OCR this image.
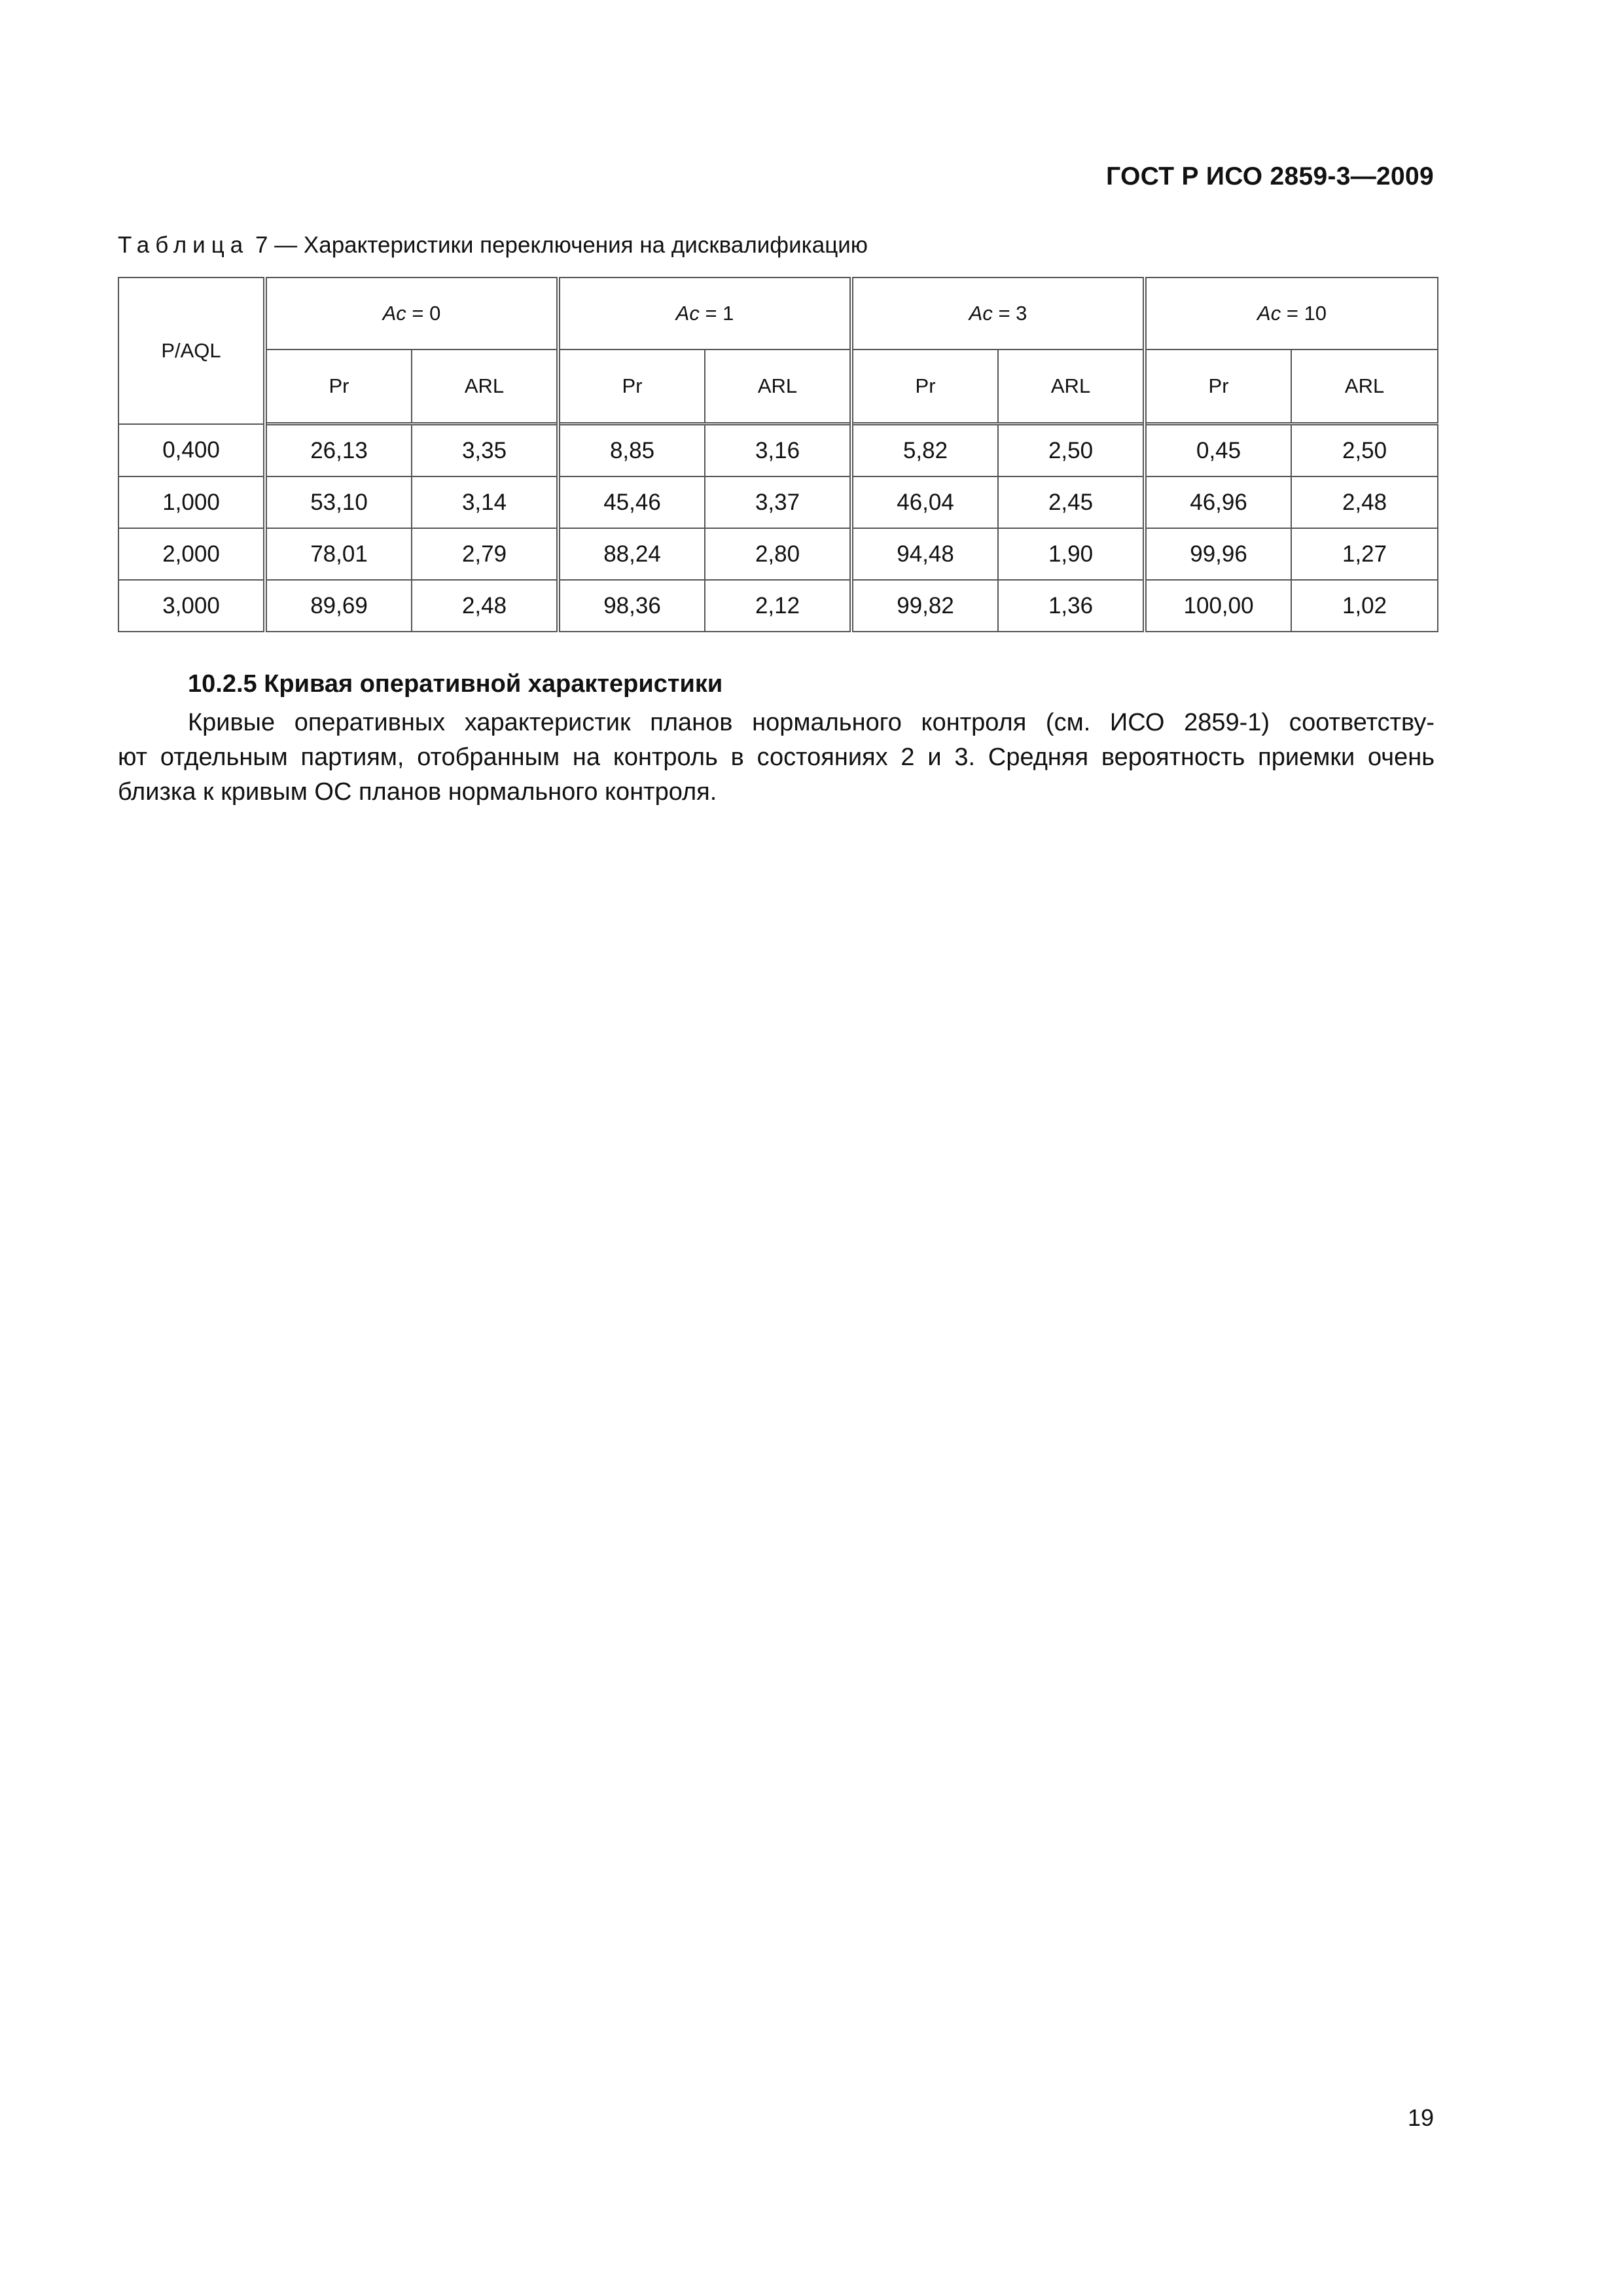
ГОСТ Р ИСО 2859-3—2009
Таблица 7 — Характеристики переключения на дисквалификацию
P/AQL	Ac = 0		Ac = 1		Ac = 3		Ac = 10	
	Pr	ARL	Pr	ARL	Pr	ARL	Pr	ARL
0,400	26,13	3,35	8,85	3,16	5,82	2,50	0,45	2,50
1,000	53,10	3,14	45,46	3,37	46,04	2,45	46,96	2,48
2,000	78,01	2,79	88,24	2,80	94,48	1,90	99,96	1,27
3,000	89,69	2,48	98,36	2,12	99,82	1,36	100,00	1,02
10.2.5 Кривая оперативной характеристики
Кривые оперативных характеристик планов нормального контроля (см. ИСО 2859-1) соответству-
ют отдельным партиям, отобранным на контроль в состояниях 2 и 3. Средняя вероятность приемки очень
близка к кривым ОС планов нормального контроля.
19
